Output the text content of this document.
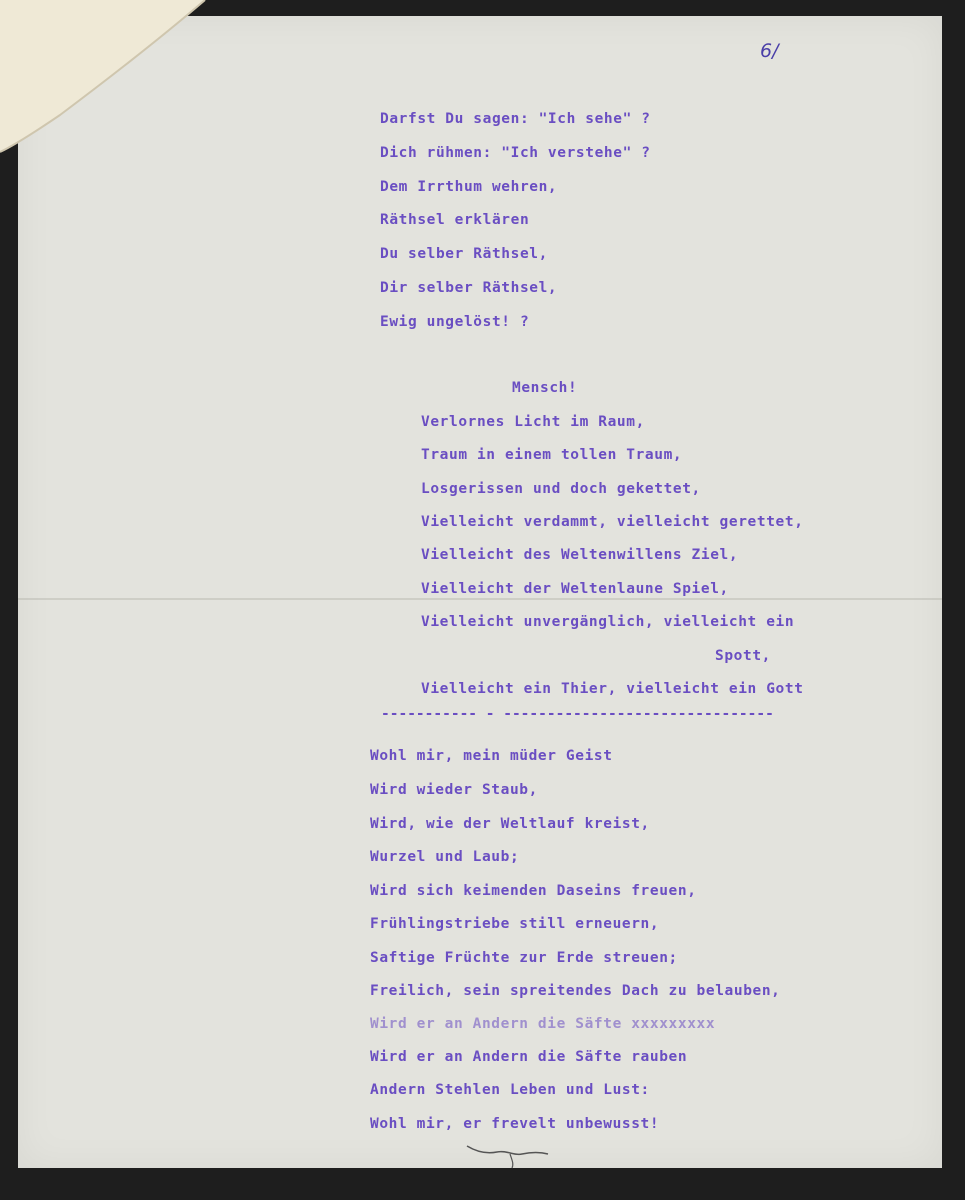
6/
Darfst Du sagen: "Ich sehe" ?
Dich rühmen: "Ich verstehe" ?
Dem Irrthum wehren,
Räthsel erklären
Du selber Räthsel,
Dir selber Räthsel,
Ewig ungelöst! ?
Mensch!
Verlornes Licht im Raum,
Traum in einem tollen Traum,
Losgerissen und doch gekettet,
Vielleicht verdammt, vielleicht gerettet,
Vielleicht des Weltenwillens Ziel,
Vielleicht der Weltenlaune Spiel,
Vielleicht unvergänglich, vielleicht ein
Spott,
Vielleicht ein Thier, vielleicht ein Gott
----------- - -------------------------------
Wohl mir, mein müder Geist
Wird wieder Staub,
Wird, wie der Weltlauf kreist,
Wurzel und Laub;
Wird sich keimenden Daseins freuen,
Frühlingstriebe still erneuern,
Saftige Früchte zur Erde streuen;
Freilich, sein spreitendes Dach zu belauben,
Wird er an Andern die Säfte xxxxxxxxx
Wird er an Andern die Säfte rauben
Andern Stehlen Leben und Lust:
Wohl mir, er frevelt unbewusst!
